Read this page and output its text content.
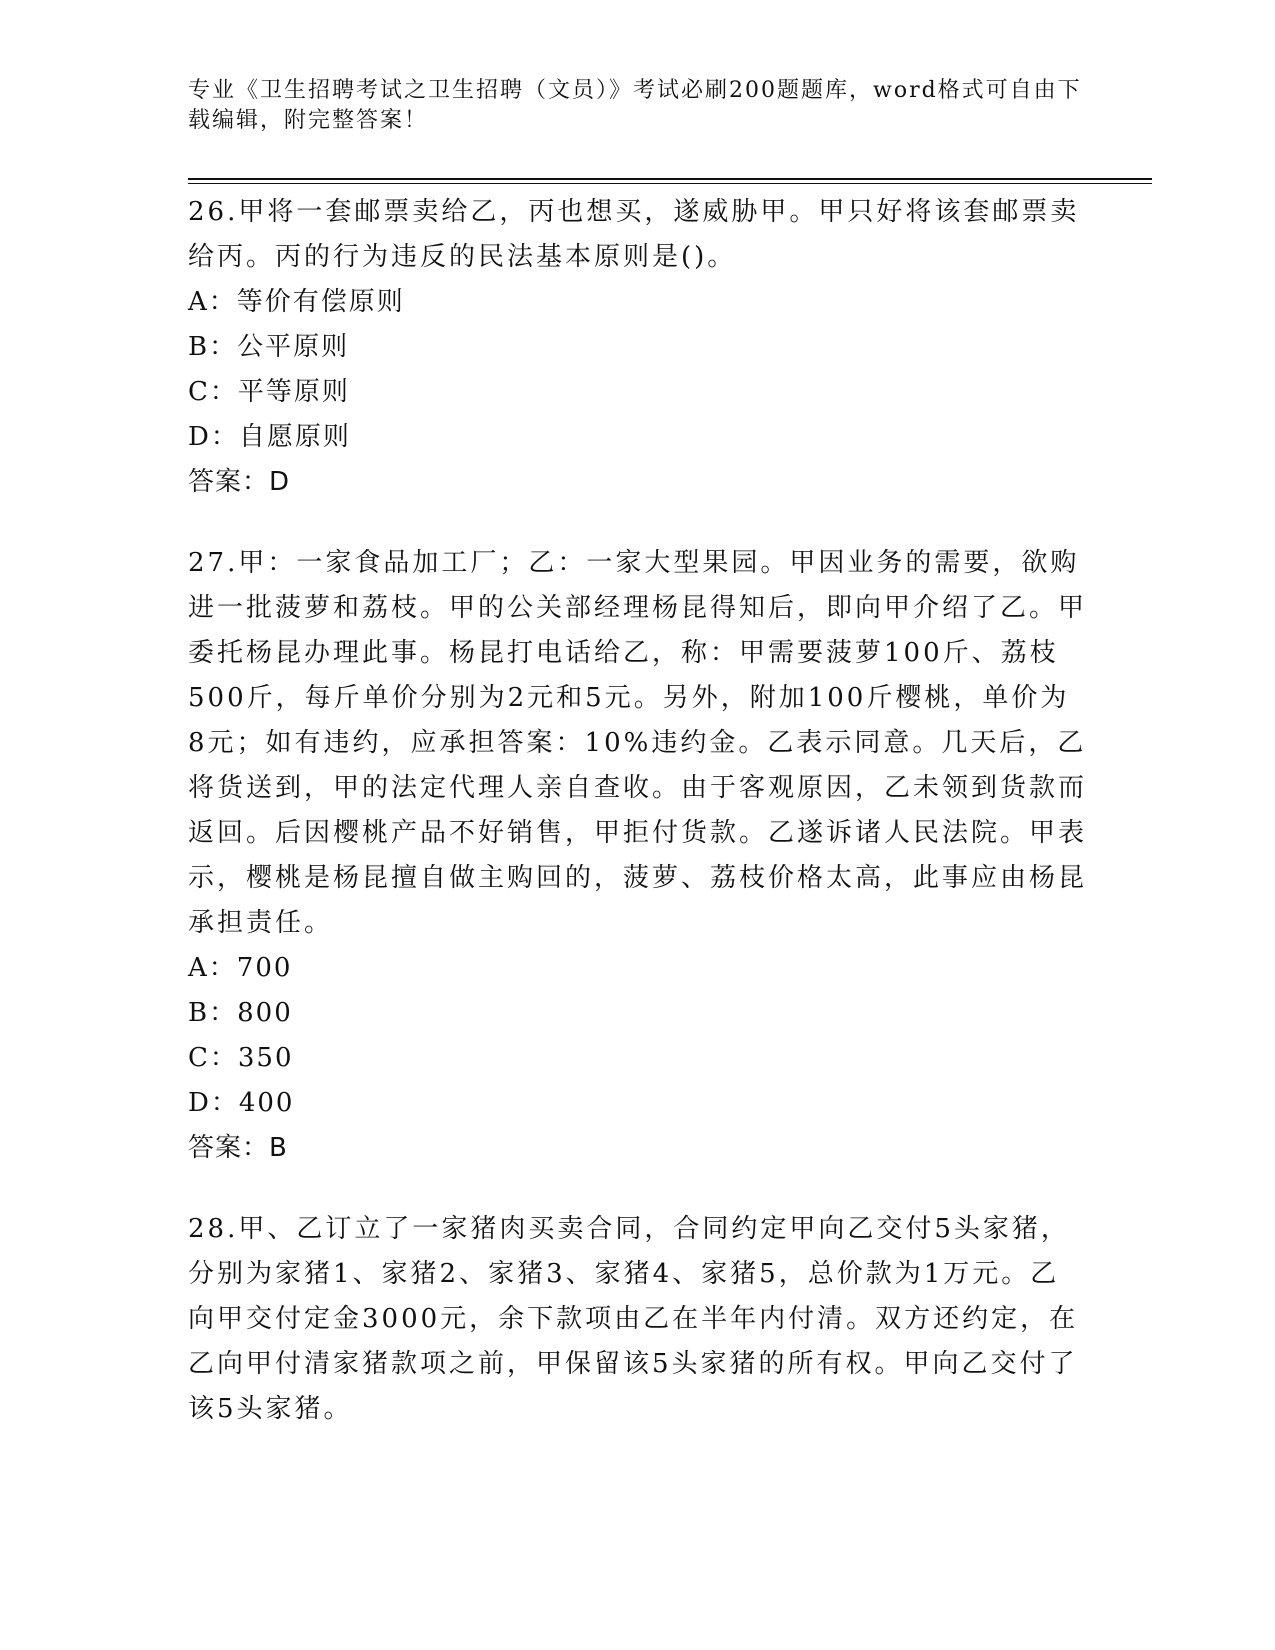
专业《卫生招聘考试之卫生招聘（文员）》考试必刷200题题库，word格式可自由下载编辑，附完整答案！
26.甲将一套邮票卖给乙，丙也想买，遂威胁甲。甲只好将该套邮票卖给丙。丙的行为违反的民法基本原则是()。
A：等价有偿原则
B：公平原则
C：平等原则
D：自愿原则
答案：D
27.甲：一家食品加工厂；乙：一家大型果园。甲因业务的需要，欲购进一批菠萝和荔枝。甲的公关部经理杨昆得知后，即向甲介绍了乙。甲委托杨昆办理此事。杨昆打电话给乙，称：甲需要菠萝100斤、荔枝500斤，每斤单价分别为2元和5元。另外，附加100斤樱桃，单价为8元；如有违约，应承担答案：10%违约金。乙表示同意。几天后，乙将货送到，甲的法定代理人亲自查收。由于客观原因，乙未领到货款而返回。后因樱桃产品不好销售，甲拒付货款。乙遂诉诸人民法院。甲表示，樱桃是杨昆擅自做主购回的，菠萝、荔枝价格太高，此事应由杨昆承担责任。
A：700
B：800
C：350
D：400
答案：B
28.甲、乙订立了一家猪肉买卖合同，合同约定甲向乙交付5头家猪，分别为家猪1、家猪2、家猪3、家猪4、家猪5，总价款为1万元。乙向甲交付定金3000元，余下款项由乙在半年内付清。双方还约定，在乙向甲付清家猪款项之前，甲保留该5头家猪的所有权。甲向乙交付了该5头家猪。
